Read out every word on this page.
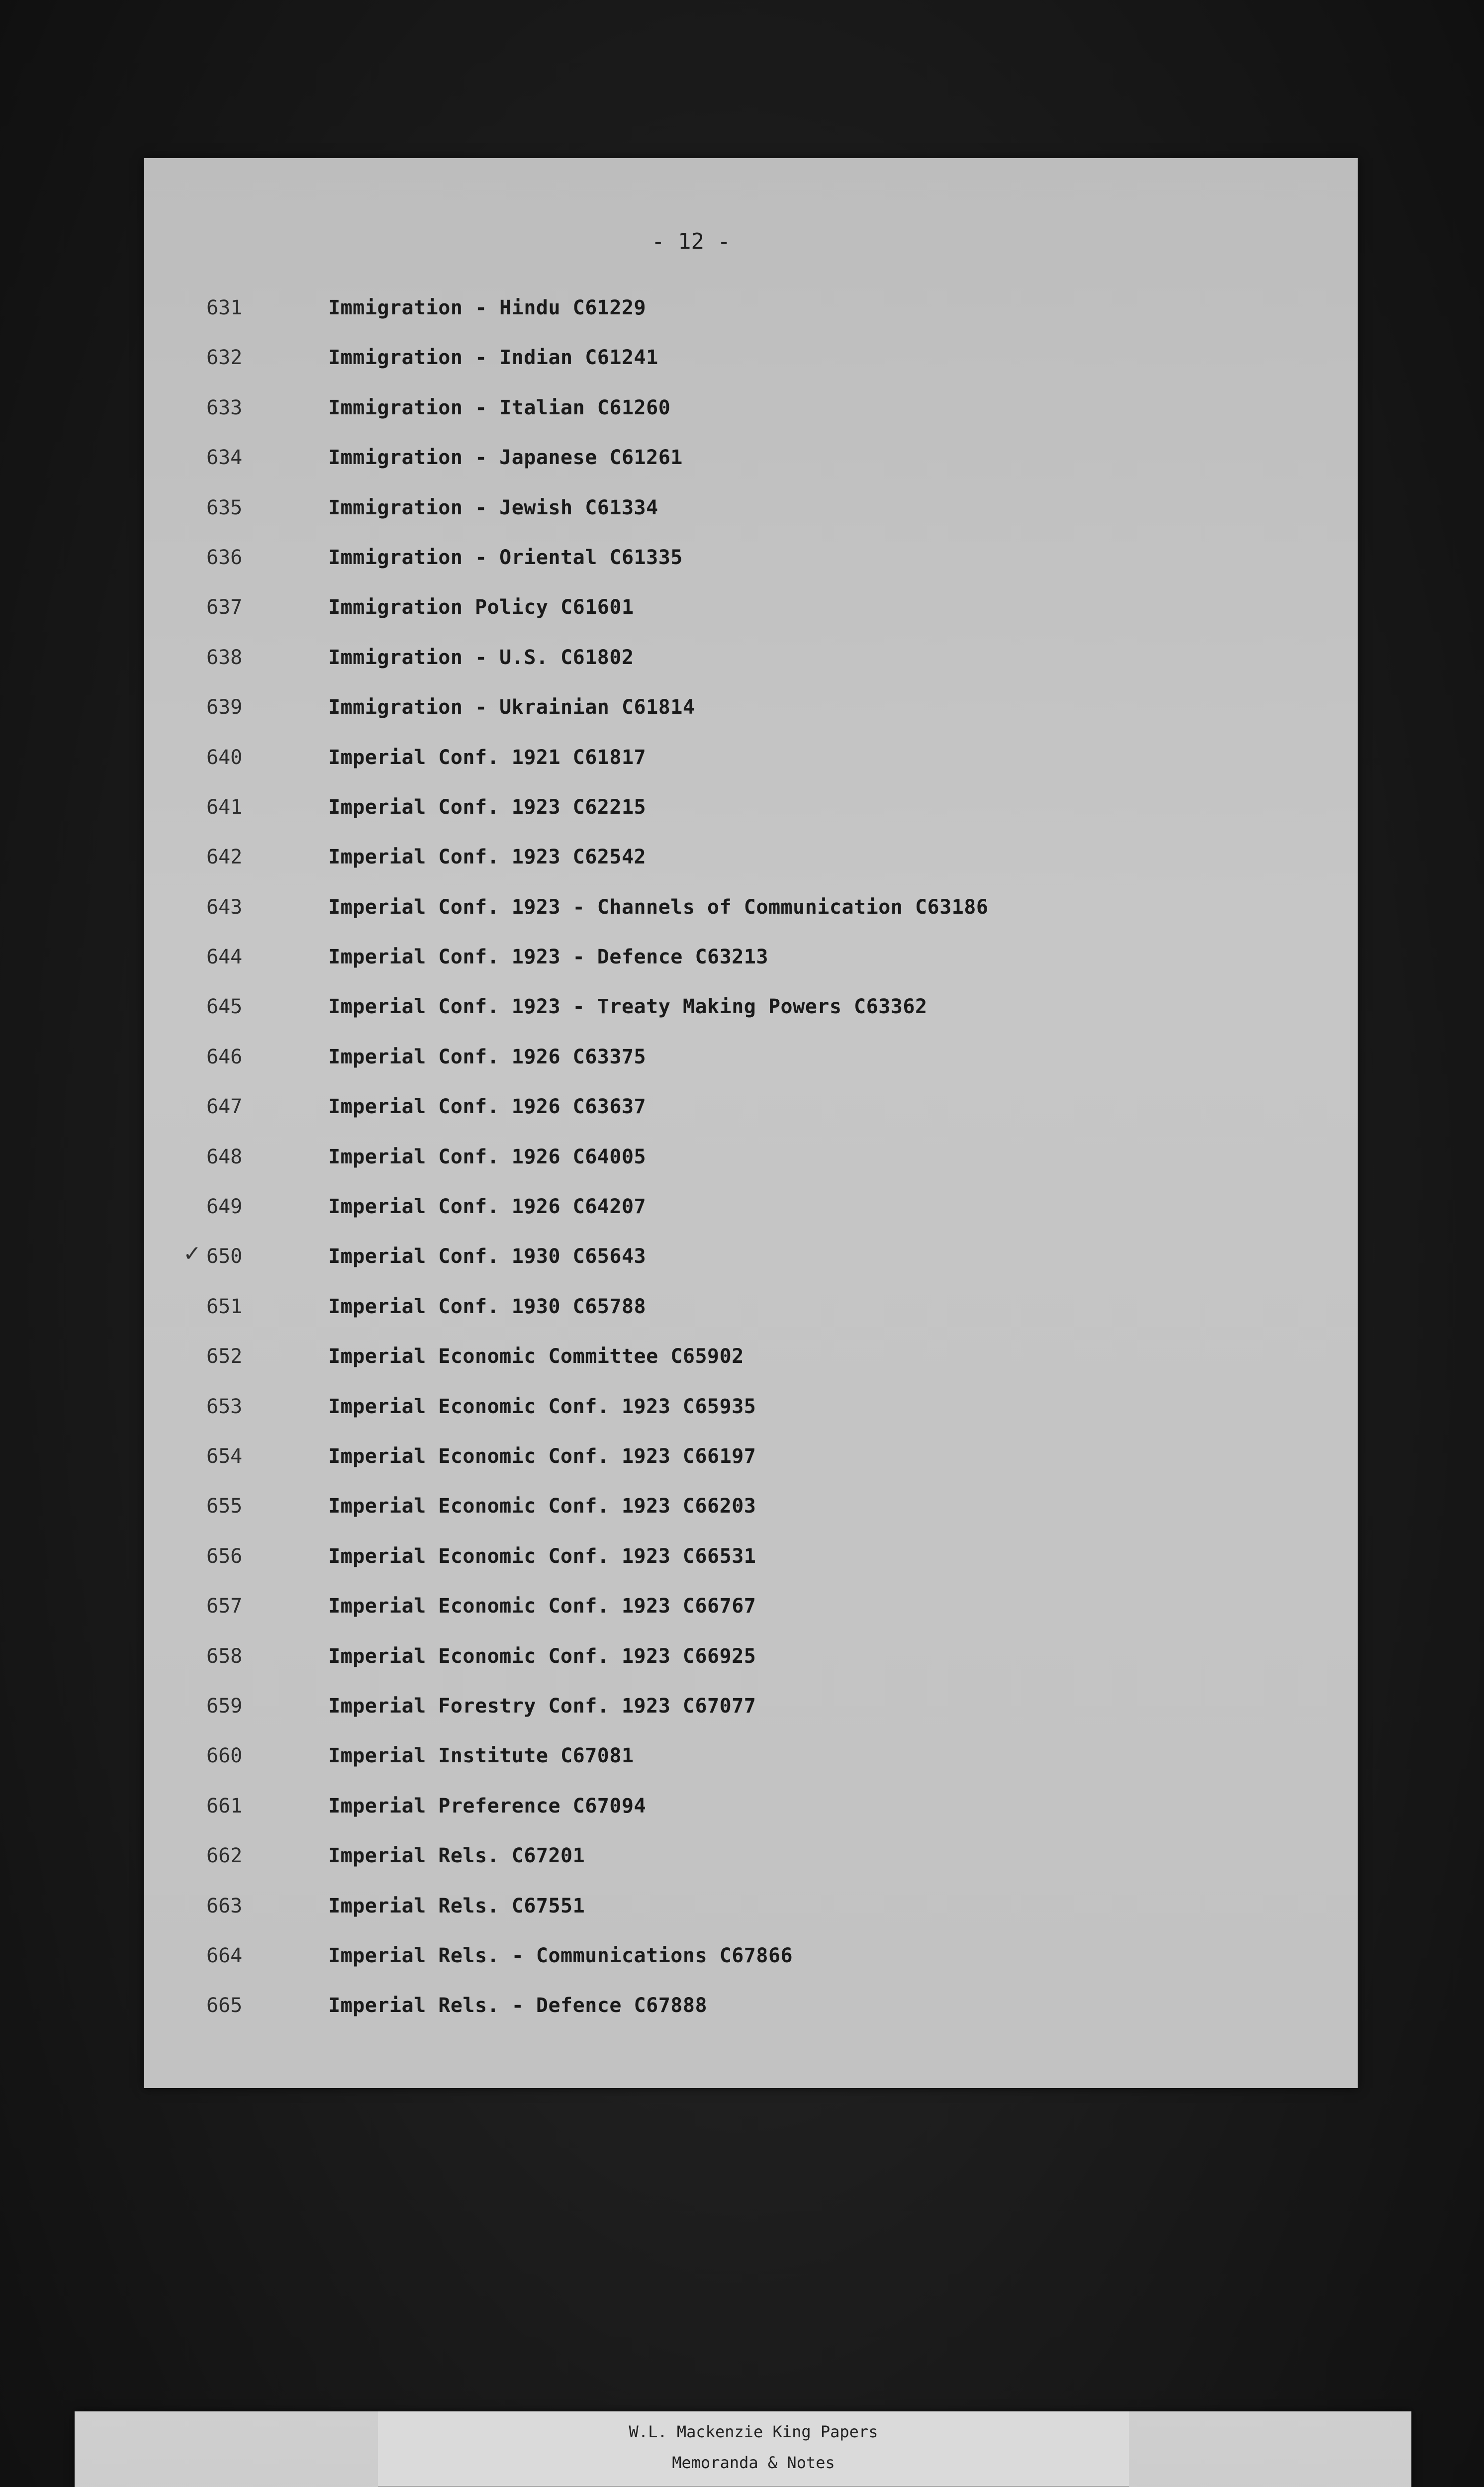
- 12 -
631	Immigration - Hindu C61229
632	Immigration - Indian C61241
633	Immigration - Italian C61260
634	Immigration - Japanese C61261
635	Immigration - Jewish C61334
636	Immigration - Oriental C61335
637	Immigration Policy C61601
638	Immigration - U.S. C61802
639	Immigration - Ukrainian C61814
640	Imperial Conf. 1921 C61817
641	Imperial Conf. 1923 C62215
642	Imperial Conf. 1923 C62542
643	Imperial Conf. 1923 - Channels of Communication C63186
644	Imperial Conf. 1923 - Defence C63213
645	Imperial Conf. 1923 - Treaty Making Powers C63362
646	Imperial Conf. 1926 C63375
647	Imperial Conf. 1926 C63637
648	Imperial Conf. 1926 C64005
649	Imperial Conf. 1926 C64207
✓ 650	Imperial Conf. 1930 C65643
651	Imperial Conf. 1930 C65788
652	Imperial Economic Committee C65902
653	Imperial Economic Conf. 1923 C65935
654	Imperial Economic Conf. 1923 C66197
655	Imperial Economic Conf. 1923 C66203
656	Imperial Economic Conf. 1923 C66531
657	Imperial Economic Conf. 1923 C66767
658	Imperial Economic Conf. 1923 C66925
659	Imperial Forestry Conf. 1923 C67077
660	Imperial Institute C67081
661	Imperial Preference C67094
662	Imperial Rels. C67201
663	Imperial Rels. C67551
664	Imperial Rels. - Communications C67866
665	Imperial Rels. - Defence C67888
W.L. Mackenzie King Papers
Memoranda & Notes
